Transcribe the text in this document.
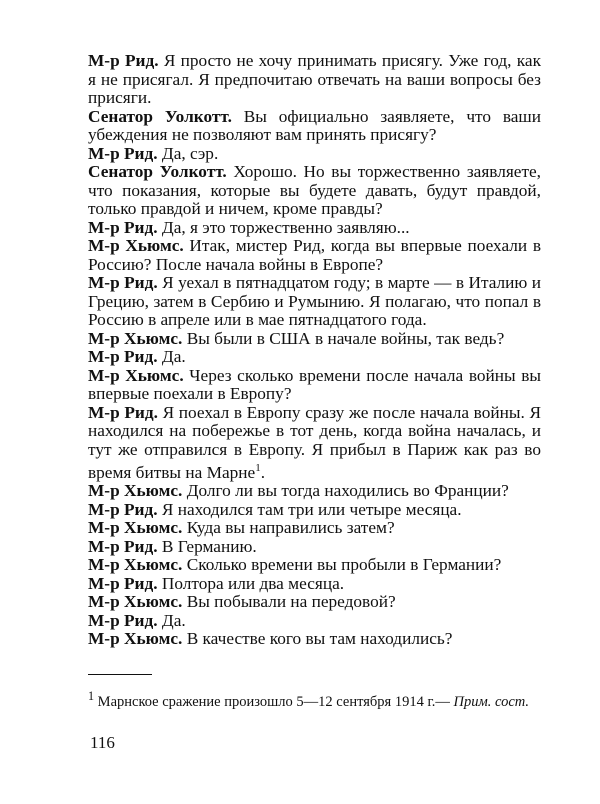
М-р Рид. Я просто не хочу принимать присягу. Уже год, как я не присягал. Я предпочитаю отвечать на ваши вопросы без присяги.

Сенатор Уолкотт. Вы официально заявляете, что ваши убеждения не позволяют вам принять присягу?

М-р Рид. Да, сэр.

Сенатор Уолкотт. Хорошо. Но вы торжественно заявляете, что показания, которые вы будете давать, будут правдой, только правдой и ничем, кроме правды?

М-р Рид. Да, я это торжественно заявляю...

М-р Хьюмс. Итак, мистер Рид, когда вы впервые поехали в Россию? После начала войны в Европе?

М-р Рид. Я уехал в пятнадцатом году; в марте — в Италию и Грецию, затем в Сербию и Румынию. Я полагаю, что попал в Россию в апреле или в мае пятнадцатого года.

М-р Хьюмс. Вы были в США в начале войны, так ведь?

М-р Рид. Да.

М-р Хьюмс. Через сколько времени после начала войны вы впервые поехали в Европу?

М-р Рид. Я поехал в Европу сразу же после начала войны. Я находился на побережье в тот день, когда война началась, и тут же отправился в Европу. Я прибыл в Париж как раз во время битвы на Марне$^1$.

М-р Хьюмс. Долго ли вы тогда находились во Франции?

М-р Рид. Я находился там три или четыре месяца.

М-р Хьюмс. Куда вы направились затем?

М-р Рид. В Германию.

М-р Хьюмс. Сколько времени вы пробыли в Германии?

М-р Рид. Полтора или два месяца.

М-р Хьюмс. Вы побывали на передовой?

М-р Рид. Да.

М-р Хьюмс. В качестве кого вы там находились?

$^1$ Марнское сражение произошло 5—12 сентября 1914 г.— Прим. сост.

116
